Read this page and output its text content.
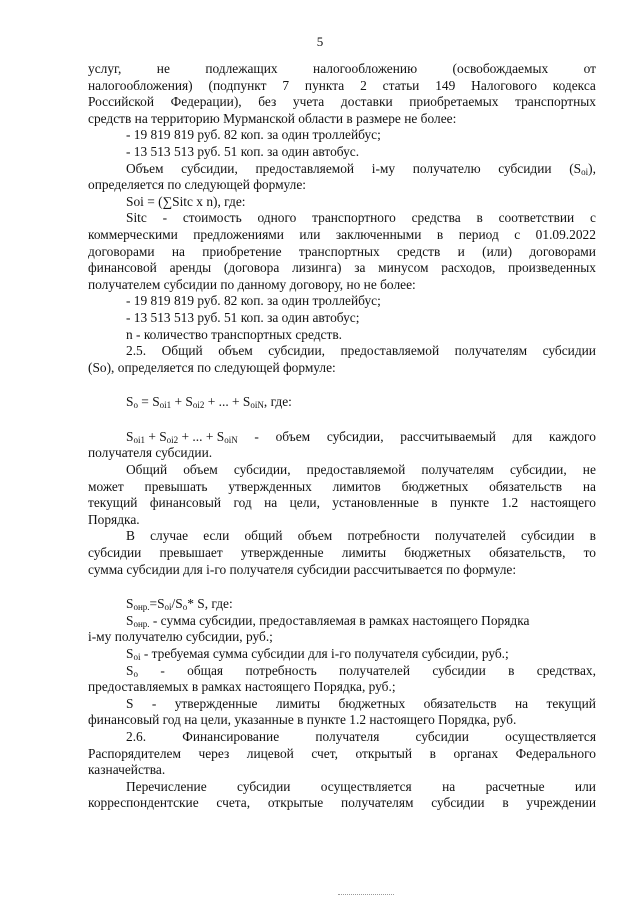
5
услуг,	не	подлежащих	налогообложению	(освобождаемых	от
налогообложения) (подпункт 7 пункта 2 статьи 149 Налогового кодекса
Российской Федерации), без учета доставки приобретаемых транспортных
средств на территорию Мурманской области в размере не более:
- 19 819 819 руб. 82 коп. за один троллейбус;
- 13 513 513 руб. 51 коп. за один автобус.
Объем субсидии, предоставляемой i-му получателю субсидии $(S_{oi})$,
определяется по следующей формуле:
Soi = (∑Sitc x n), где:
Sitc - стоимость одного транспортного средства в соответствии с
коммерческими предложениями или заключенными в период с 01.09.2022
договорами на приобретение транспортных средств и (или) договорами
финансовой аренды (договора лизинга) за минусом расходов, произведенных
получателем субсидии по данному договору, но не более:
- 19 819 819 руб. 82 коп. за один троллейбус;
- 13 513 513 руб. 51 коп. за один автобус;
n - количество транспортных средств.
2.5. Общий объем субсидии, предоставляемой получателям субсидии
(So), определяется по следующей формуле:
$S_o = S_{oi1} + S_{oi2}$ + ... + $S_{oiN}$, где:
$S_{oi1} + S_{oi2}$ + ... + $S_{oiN}$ - объем субсидии, рассчитываемый для каждого
получателя субсидии.
Общий объем субсидии, предоставляемой получателям субсидии, не
может превышать утвержденных лимитов бюджетных обязательств на
текущий финансовый год на цели, установленные в пункте 1.2 настоящего
Порядка.
В случае если общий объем потребности получателей субсидии в
субсидии превышает утвержденные лимиты бюджетных обязательств, то
сумма субсидии для i-го получателя субсидии рассчитывается по формуле:
$S_{онр.}=S_{oi}/S_o*$ S, где:
$S_{онр.}$ - сумма субсидии, предоставляемая в рамках настоящего Порядка
i-му получателю субсидии, руб.;
$S_{oi}$ - требуемая сумма субсидии для i-го получателя субсидии, руб.;
$S_o$ - общая потребность получателей субсидии в средствах,
предоставляемых в рамках настоящего Порядка, руб.;
S - утвержденные лимиты бюджетных обязательств на текущий
финансовый год на цели, указанные в пункте 1.2 настоящего Порядка, руб.
2.6.	Финансирование	получателя	субсидии	осуществляется
Распорядителем через лицевой счет, открытый в органах Федерального
казначейства.
Перечисление субсидии осуществляется на расчетные или
корреспондентские счета, открытые получателям субсидии в учреждении
